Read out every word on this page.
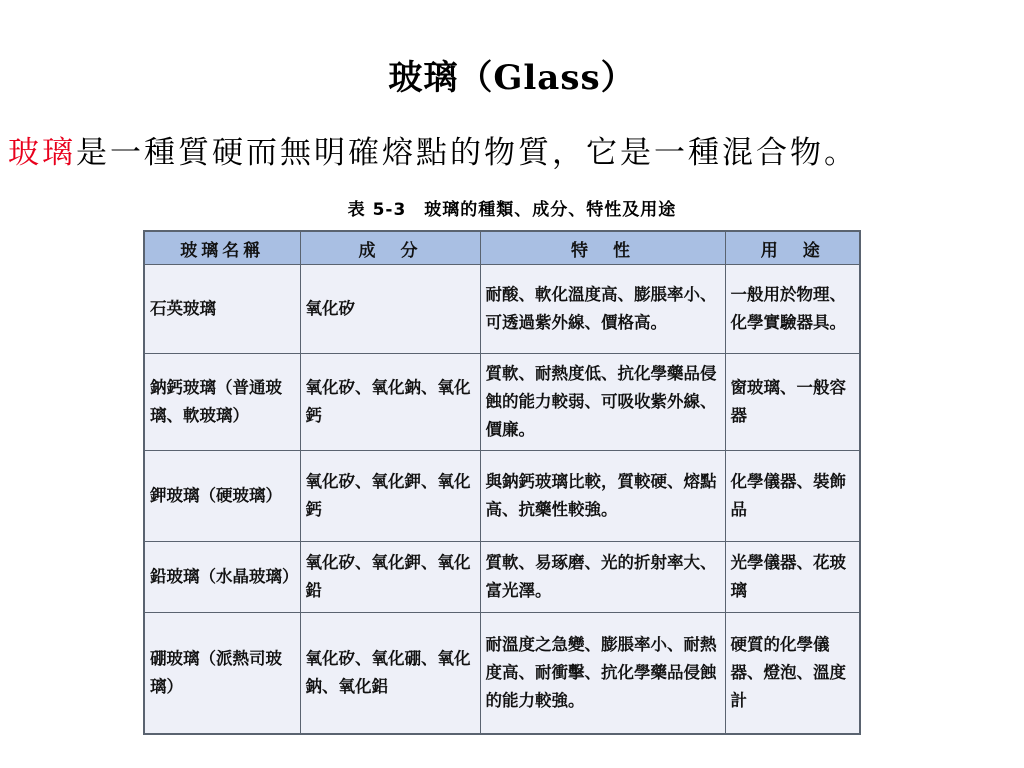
玻璃（Glass）
玻璃是一種質硬而無明確熔點的物質，它是一種混合物。
表 5-3　玻璃的種類、成分、特性及用途
玻璃名稱	成　分	特　性	用　途
石英玻璃	氧化矽	耐酸、軟化溫度高、膨脹率小、可透過紫外線、價格高。	一般用於物理、化學實驗器具。
鈉鈣玻璃（普通玻璃、軟玻璃）	氧化矽、氧化鈉、氧化鈣	質軟、耐熱度低、抗化學藥品侵蝕的能力較弱、可吸收紫外線、價廉。	窗玻璃、一般容器
鉀玻璃（硬玻璃）	氧化矽、氧化鉀、氧化鈣	與鈉鈣玻璃比較，質較硬、熔點高、抗藥性較強。	化學儀器、裝飾品
鉛玻璃（水晶玻璃）	氧化矽、氧化鉀、氧化鉛	質軟、易琢磨、光的折射率大、富光澤。	光學儀器、花玻璃
硼玻璃（派熱司玻璃）	氧化矽、氧化硼、氧化鈉、氧化鋁	耐溫度之急變、膨脹率小、耐熱度高、耐衝擊、抗化學藥品侵蝕的能力較強。	硬質的化學儀器、燈泡、溫度計
